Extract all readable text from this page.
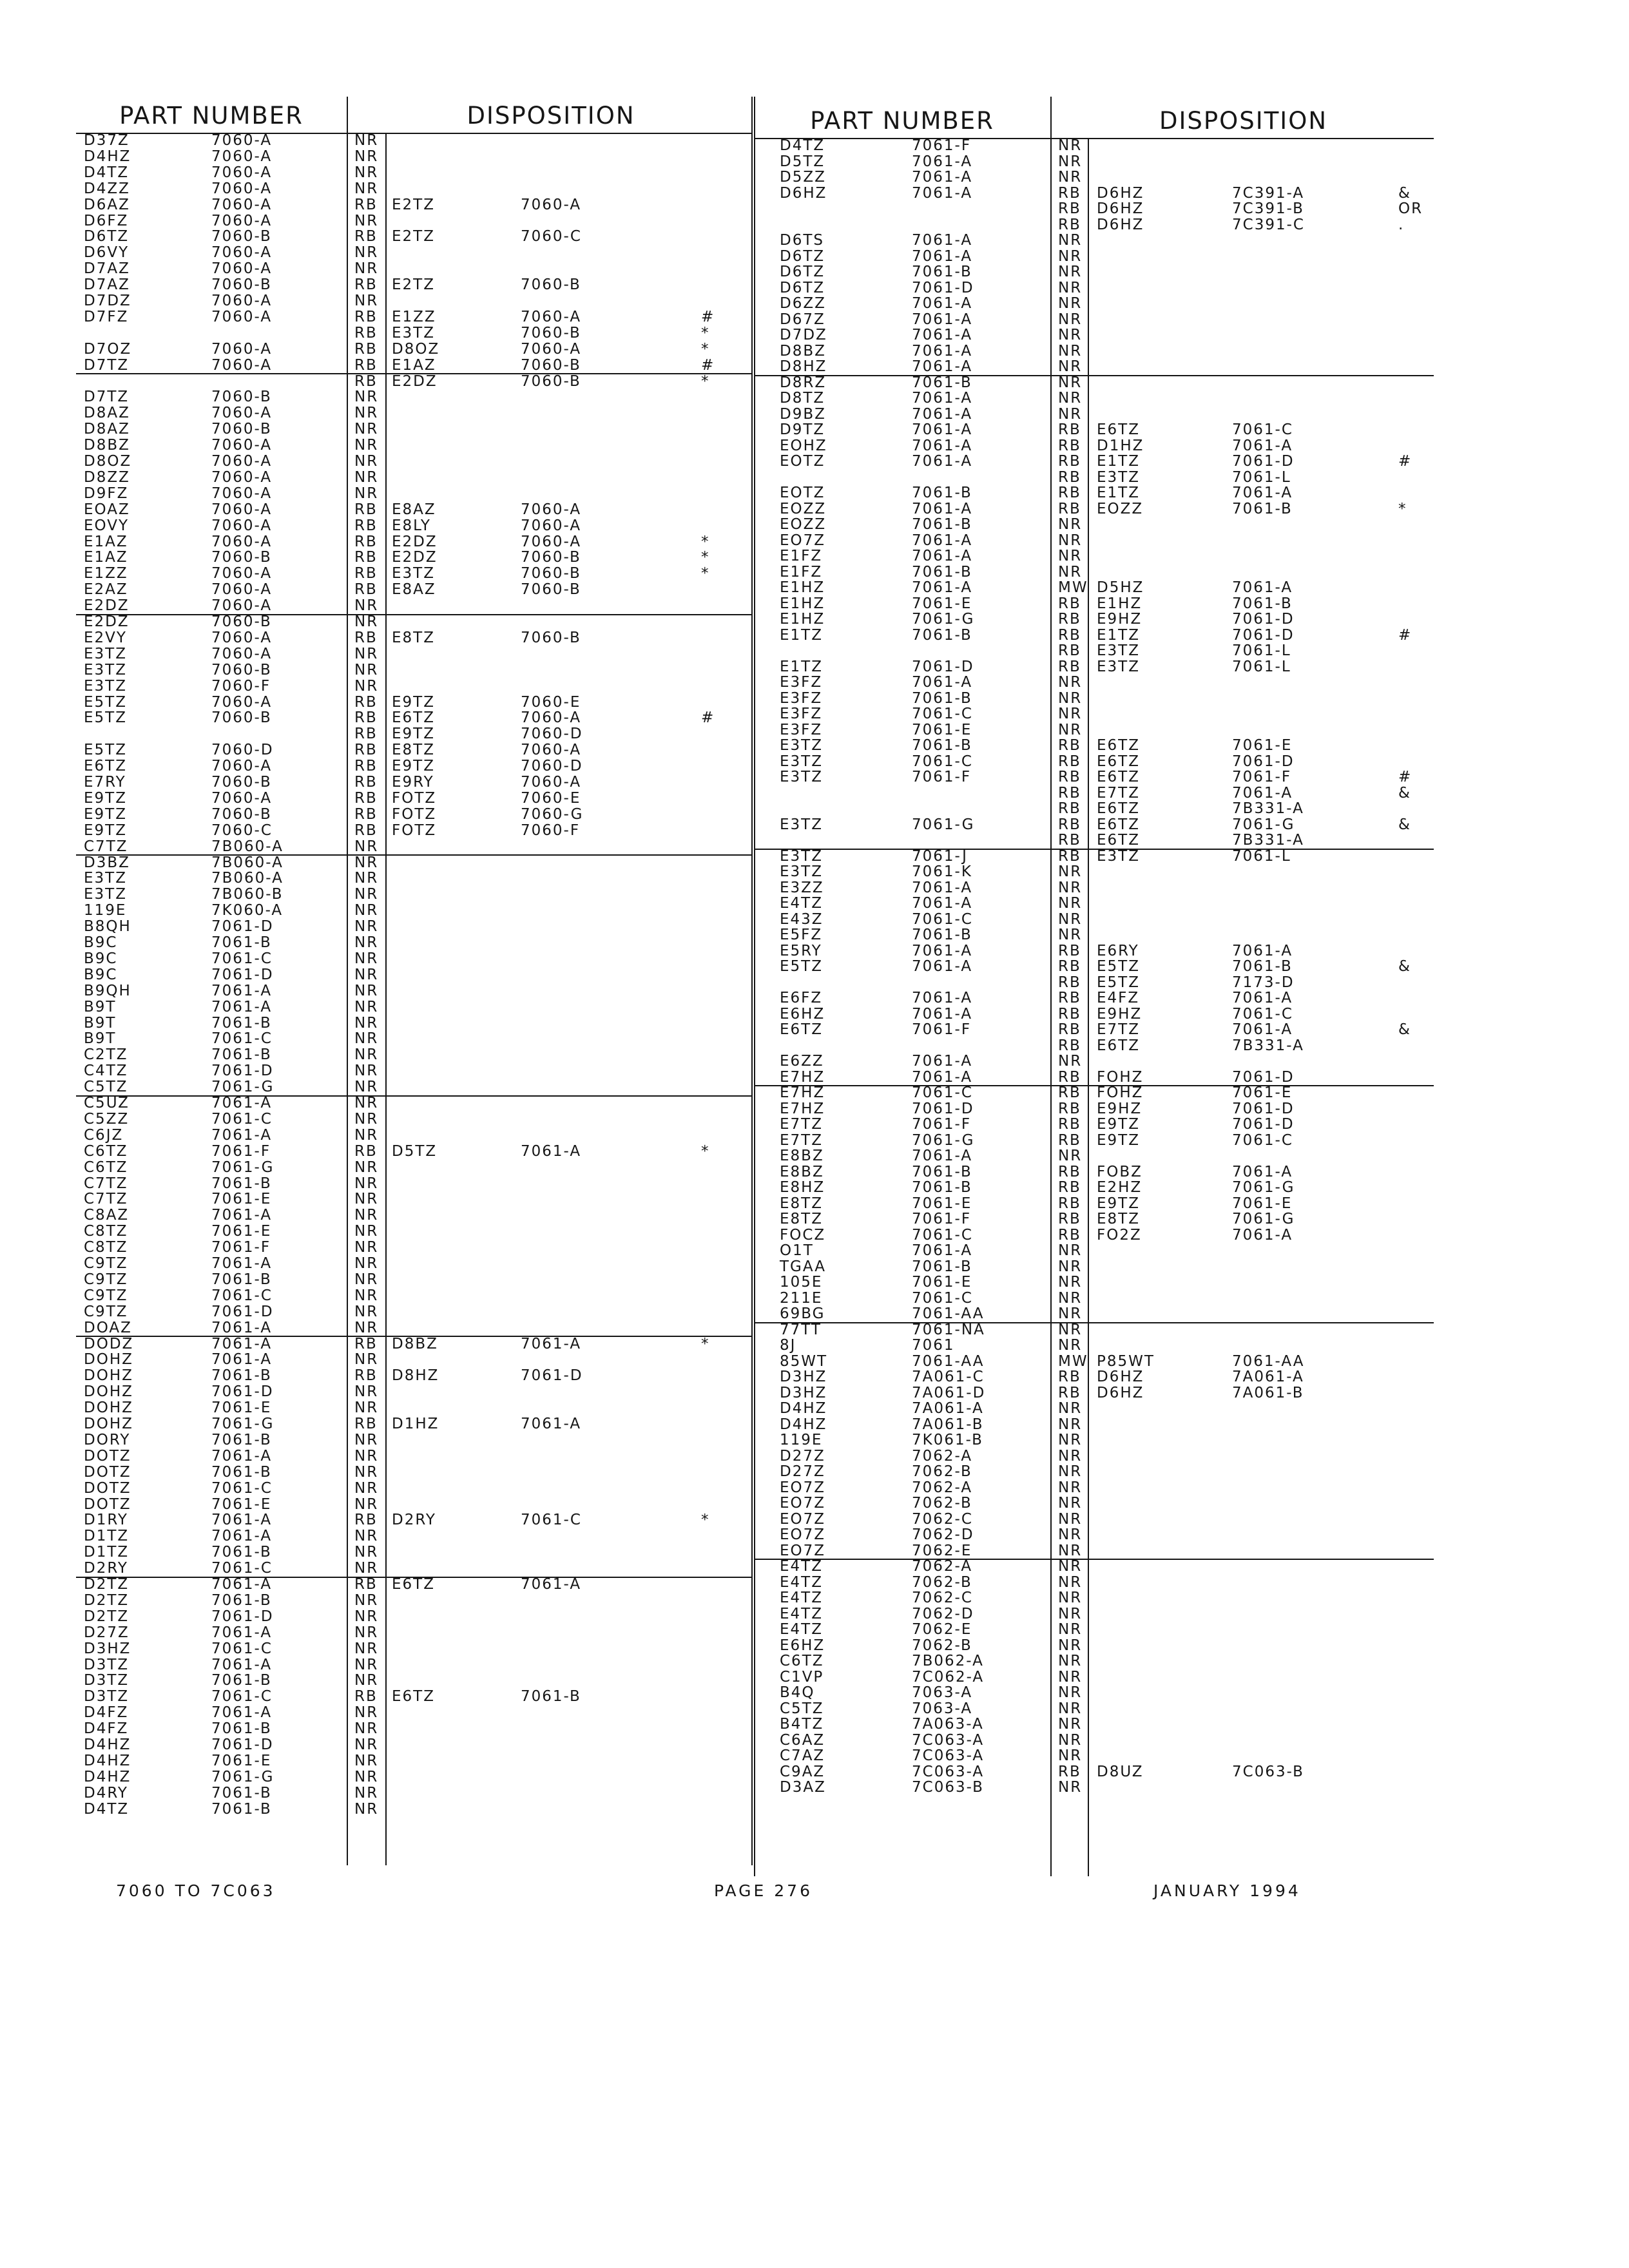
PART NUMBER	DISPOSITION
D37Z	7060-A	NR
D4HZ	7060-A	NR
D4TZ	7060-A	NR
D4ZZ	7060-A	NR
D6AZ	7060-A	RB E2TZ	7060-A
D6FZ	7060-A	NR
D6TZ	7060-B	RB E2TZ	7060-C
D6VY	7060-A	NR
D7AZ	7060-A	NR
D7AZ	7060-B	RB E2TZ	7060-B
D7DZ	7060-A	NR
D7FZ	7060-A	RB E1ZZ	7060-A	#
RB E3TZ	7060-B	*
D7OZ	7060-A	RB D8OZ	7060-A	*
D7TZ	7060-A	RB E1AZ	7060-B	#
RB E2DZ	7060-B	*
D7TZ	7060-B	NR
D8AZ	7060-A	NR
D8AZ	7060-B	NR
D8BZ	7060-A	NR
D8OZ	7060-A	NR
D8ZZ	7060-A	NR
D9FZ	7060-A	NR
EOAZ	7060-A	RB E8AZ	7060-A
EOVY	7060-A	RB E8LY	7060-A
E1AZ	7060-A	RB E2DZ	7060-A	*
E1AZ	7060-B	RB E2DZ	7060-B	*
E1ZZ	7060-A	RB E3TZ	7060-B	*
E2AZ	7060-A	RB E8AZ	7060-B
E2DZ	7060-A	NR
E2DZ	7060-B	NR
E2VY	7060-A	RB E8TZ	7060-B
E3TZ	7060-A	NR
E3TZ	7060-B	NR
E3TZ	7060-F	NR
E5TZ	7060-A	RB E9TZ	7060-E
E5TZ	7060-B	RB E6TZ	7060-A	#
RB E9TZ	7060-D
E5TZ	7060-D	RB E8TZ	7060-A
E6TZ	7060-A	RB E9TZ	7060-D
E7RY	7060-B	RB E9RY	7060-A
E9TZ	7060-A	RB FOTZ	7060-E
E9TZ	7060-B	RB FOTZ	7060-G
E9TZ	7060-C	RB FOTZ	7060-F
C7TZ	7B060-A	NR
D3BZ	7B060-A	NR
E3TZ	7B060-A	NR
E3TZ	7B060-B	NR
119E	7K060-A	NR
B8QH	7061-D	NR
B9C	7061-B	NR
B9C	7061-C	NR
B9C	7061-D	NR
B9QH	7061-A	NR
B9T	7061-A	NR
B9T	7061-B	NR
B9T	7061-C	NR
C2TZ	7061-B	NR
C4TZ	7061-D	NR
C5TZ	7061-G	NR
C5UZ	7061-A	NR
C5ZZ	7061-C	NR
C6JZ	7061-A	NR
C6TZ	7061-F	RB D5TZ	7061-A	*
C6TZ	7061-G	NR
C7TZ	7061-B	NR
C7TZ	7061-E	NR
C8AZ	7061-A	NR
C8TZ	7061-E	NR
C8TZ	7061-F	NR
C9TZ	7061-A	NR
C9TZ	7061-B	NR
C9TZ	7061-C	NR
C9TZ	7061-D	NR
DOAZ	7061-A	NR
DODZ	7061-A	RB D8BZ	7061-A	*
DOHZ	7061-A	NR
DOHZ	7061-B	RB D8HZ	7061-D
DOHZ	7061-D	NR
DOHZ	7061-E	NR
DOHZ	7061-G	RB D1HZ	7061-A
DORY	7061-B	NR
DOTZ	7061-A	NR
DOTZ	7061-B	NR
DOTZ	7061-C	NR
DOTZ	7061-E	NR
D1RY	7061-A	RB D2RY	7061-C	*
D1TZ	7061-A	NR
D1TZ	7061-B	NR
D2RY	7061-C	NR
D2TZ	7061-A	RB E6TZ	7061-A
D2TZ	7061-B	NR
D2TZ	7061-D	NR
D27Z	7061-A	NR
D3HZ	7061-C	NR
D3TZ	7061-A	NR
D3TZ	7061-B	NR
D3TZ	7061-C	RB E6TZ	7061-B
D4FZ	7061-A	NR
D4FZ	7061-B	NR
D4HZ	7061-D	NR
D4HZ	7061-E	NR
D4HZ	7061-G	NR
D4RY	7061-B	NR
D4TZ	7061-B	NR
PART NUMBER	DISPOSITION
D4TZ	7061-F	NR
D5TZ	7061-A	NR
D5ZZ	7061-A	NR
D6HZ	7061-A	RB D6HZ	7C391-A	&
RB D6HZ	7C391-B	OR
RB D6HZ	7C391-C	.
D6TS	7061-A	NR
D6TZ	7061-A	NR
D6TZ	7061-B	NR
D6TZ	7061-D	NR
D6ZZ	7061-A	NR
D67Z	7061-A	NR
D7DZ	7061-A	NR
D8BZ	7061-A	NR
D8HZ	7061-A	NR
D8RZ	7061-B	NR
D8TZ	7061-A	NR
D9BZ	7061-A	NR
D9TZ	7061-A	RB E6TZ	7061-C
EOHZ	7061-A	RB D1HZ	7061-A
EOTZ	7061-A	RB E1TZ	7061-D	#
RB E3TZ	7061-L
EOTZ	7061-B	RB E1TZ	7061-A
EOZZ	7061-A	RB EOZZ	7061-B	*
EOZZ	7061-B	NR
EO7Z	7061-A	NR
E1FZ	7061-A	NR
E1FZ	7061-B	NR
E1HZ	7061-A	MW D5HZ	7061-A
E1HZ	7061-E	RB E1HZ	7061-B
E1HZ	7061-G	RB E9HZ	7061-D
E1TZ	7061-B	RB E1TZ	7061-D	#
RB E3TZ	7061-L
E1TZ	7061-D	RB E3TZ	7061-L
E3FZ	7061-A	NR
E3FZ	7061-B	NR
E3FZ	7061-C	NR
E3FZ	7061-E	NR
E3TZ	7061-B	RB E6TZ	7061-E
E3TZ	7061-C	RB E6TZ	7061-D
E3TZ	7061-F	RB E6TZ	7061-F	#
RB E7TZ	7061-A	&
RB E6TZ	7B331-A
E3TZ	7061-G	RB E6TZ	7061-G	&
RB E6TZ	7B331-A
E3TZ	7061-J	RB E3TZ	7061-L
E3TZ	7061-K	NR
E3ZZ	7061-A	NR
E4TZ	7061-A	NR
E43Z	7061-C	NR
E5FZ	7061-B	NR
E5RY	7061-A	RB E6RY	7061-A
E5TZ	7061-A	RB E5TZ	7061-B	&
RB E5TZ	7173-D
E6FZ	7061-A	RB E4FZ	7061-A
E6HZ	7061-A	RB E9HZ	7061-C
E6TZ	7061-F	RB E7TZ	7061-A	&
RB E6TZ	7B331-A
E6ZZ	7061-A	NR
E7HZ	7061-A	RB FOHZ	7061-D
E7HZ	7061-C	RB FOHZ	7061-E
E7HZ	7061-D	RB E9HZ	7061-D
E7TZ	7061-F	RB E9TZ	7061-D
E7TZ	7061-G	RB E9TZ	7061-C
E8BZ	7061-A	NR
E8BZ	7061-B	RB FOBZ	7061-A
E8HZ	7061-B	RB E2HZ	7061-G
E8TZ	7061-E	RB E9TZ	7061-E
E8TZ	7061-F	RB E8TZ	7061-G
FOCZ	7061-C	RB FO2Z	7061-A
O1T	7061-A	NR
TGAA	7061-B	NR
105E	7061-E	NR
211E	7061-C	NR
69BG	7061-AA	NR
77TT	7061-NA	NR
8J	7061	NR
85WT	7061-AA	MW P85WT	7061-AA
D3HZ	7A061-C	RB D6HZ	7A061-A
D3HZ	7A061-D	RB D6HZ	7A061-B
D4HZ	7A061-A	NR
D4HZ	7A061-B	NR
119E	7K061-B	NR
D27Z	7062-A	NR
D27Z	7062-B	NR
EO7Z	7062-A	NR
EO7Z	7062-B	NR
EO7Z	7062-C	NR
EO7Z	7062-D	NR
EO7Z	7062-E	NR
E4TZ	7062-A	NR
E4TZ	7062-B	NR
E4TZ	7062-C	NR
E4TZ	7062-D	NR
E4TZ	7062-E	NR
E6HZ	7062-B	NR
C6TZ	7B062-A	NR
C1VP	7C062-A	NR
B4Q	7063-A	NR
C5TZ	7063-A	NR
B4TZ	7A063-A	NR
C6AZ	7C063-A	NR
C7AZ	7C063-A	NR
C9AZ	7C063-A	RB D8UZ	7C063-B
D3AZ	7C063-B	NR
7060 TO 7C063	PAGE 276	JANUARY 1994
